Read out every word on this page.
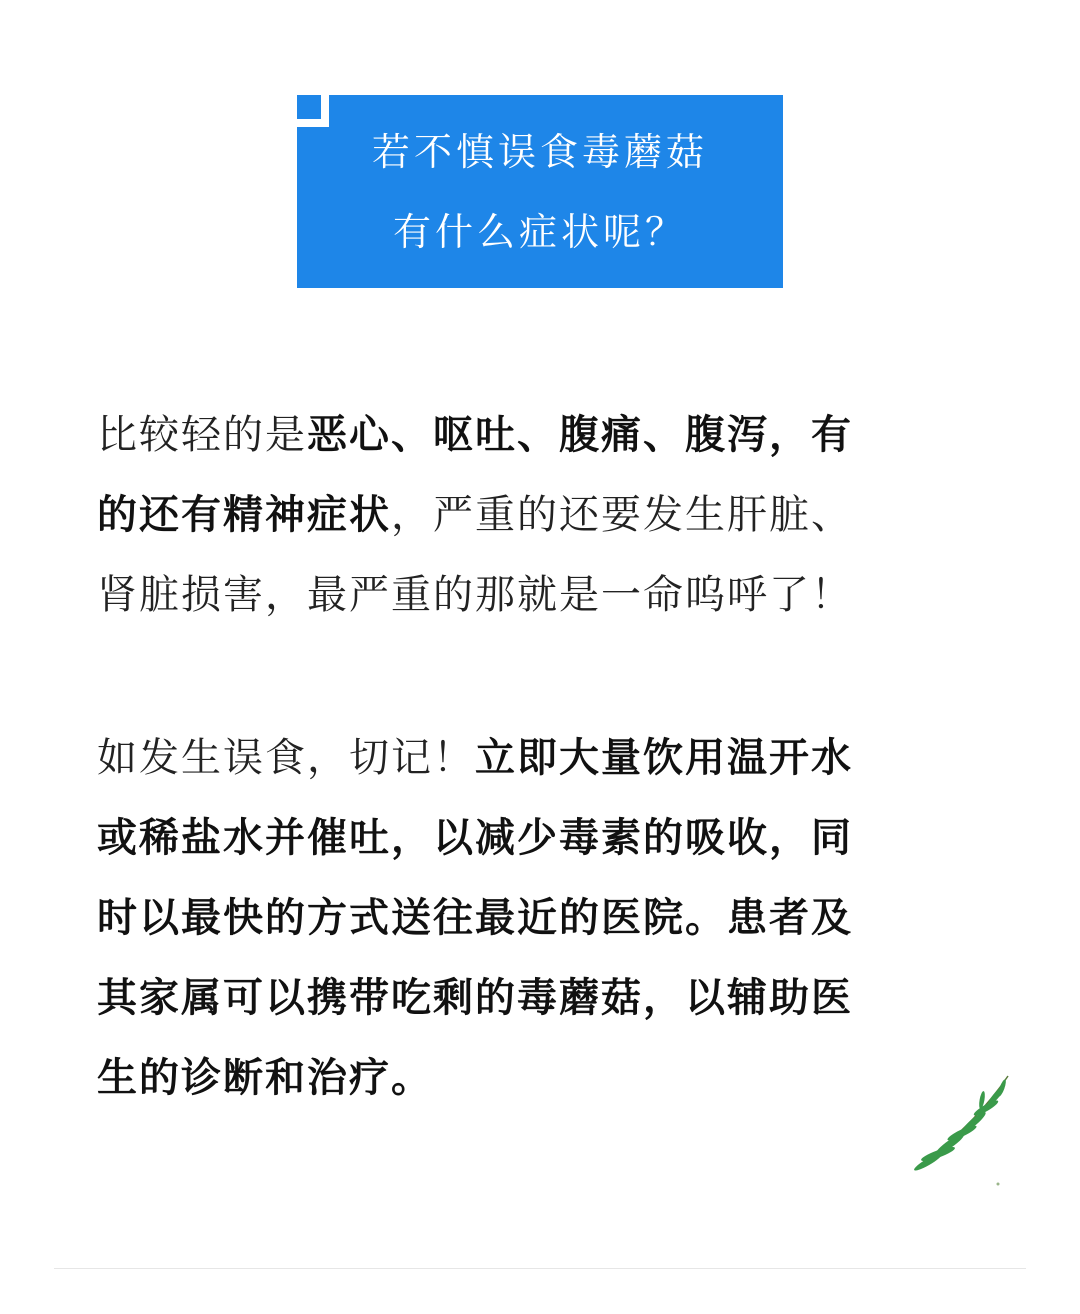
若不慎误食毒蘑菇
有什么症状呢？
比较轻的是恶心、呕吐、腹痛、腹泻，有
的还有精神症状，严重的还要发生肝脏、
肾脏损害，最严重的那就是一命呜呼了！
如发生误食，切记！立即大量饮用温开水
或稀盐水并催吐，以减少毒素的吸收，同
时以最快的方式送往最近的医院。患者及
其家属可以携带吃剩的毒蘑菇，以辅助医
生的诊断和治疗。
